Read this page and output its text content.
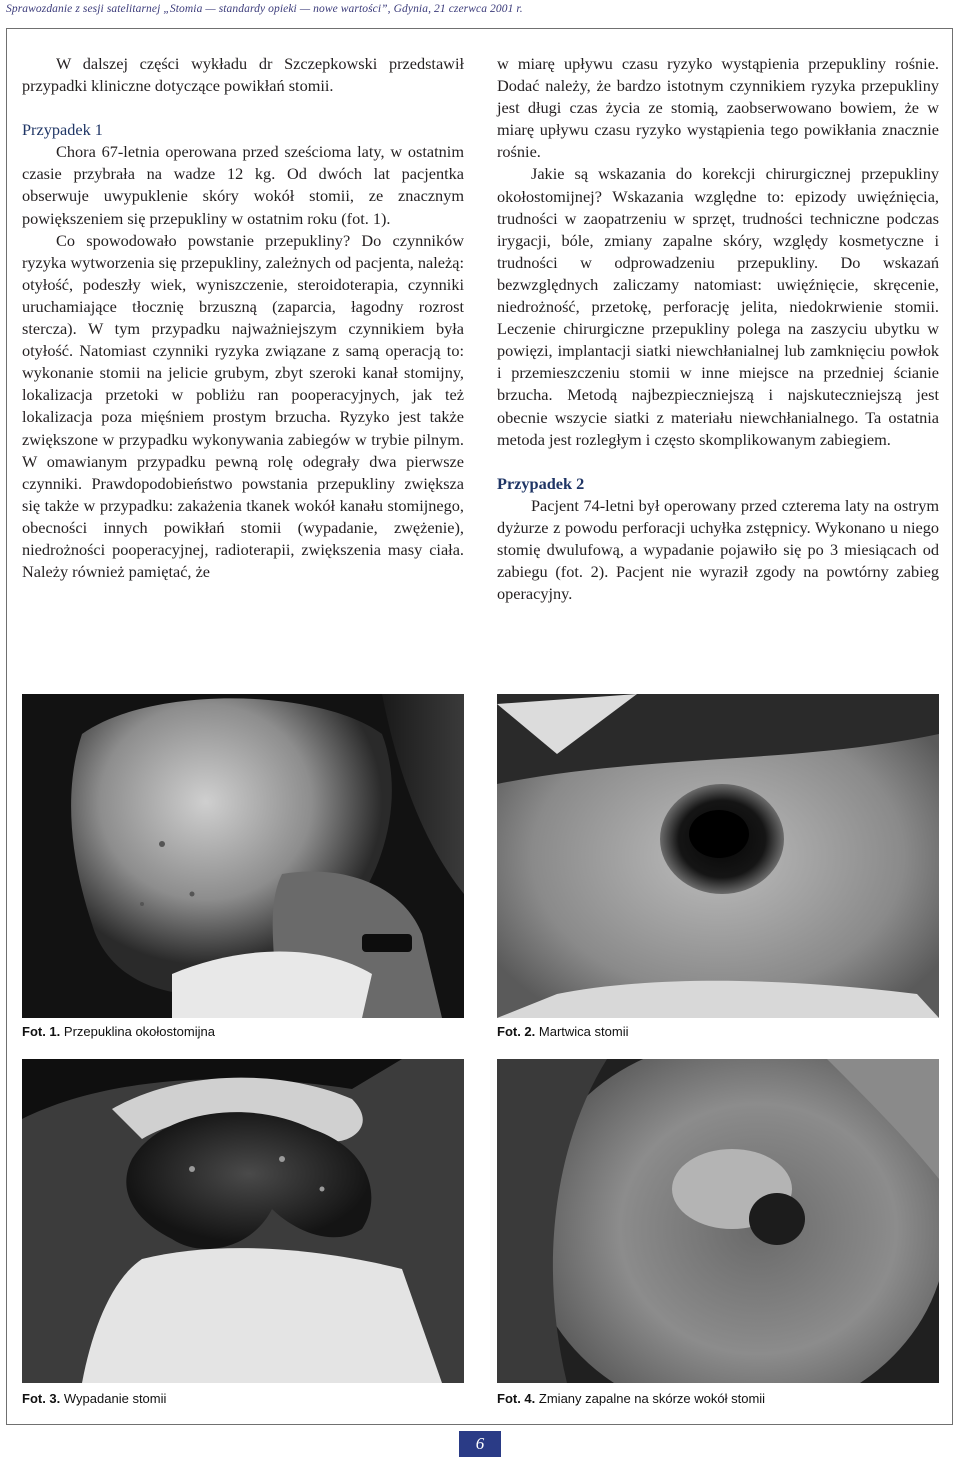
Sprawozdanie z sesji satelitarnej „Stomia — standardy opieki — nowe wartości”, Gdynia, 21 czerwca 2001 r.

W dalszej części wykładu dr Szczepkowski przedstawił przypadki kliniczne dotyczące powikłań stomii.

Przypadek 1

Chora 67-letnia operowana przed sześcioma laty, w ostatnim czasie przybrała na wadze 12 kg. Od dwóch lat pacjentka obserwuje uwypuklenie skóry wokół stomii, ze znacznym powiększeniem się przepukliny w ostatnim roku (fot. 1).

Co spowodowało powstanie przepukliny? Do czynników ryzyka wytworzenia się przepukliny, zależnych od pacjenta, należą: otyłość, podeszły wiek, wyniszczenie, steroidoterapia, czynniki uruchamiające tłocznię brzuszną (zaparcia, łagodny rozrost stercza). W tym przypadku najważniejszym czynnikiem była otyłość. Natomiast czynniki ryzyka związane z samą operacją to: wykonanie stomii na jelicie grubym, zbyt szeroki kanał stomijny, lokalizacja przetoki w pobliżu ran pooperacyjnych, jak też lokalizacja poza mięśniem prostym brzucha. Ryzyko jest także zwiększone w przypadku wykonywania zabiegów w trybie pilnym. W omawianym przypadku pewną rolę odegrały dwa pierwsze czynniki. Prawdopodobieństwo powstania przepukliny zwiększa się także w przypadku: zakażenia tkanek wokół kanału stomijnego, obecności innych powikłań stomii (wypadanie, zwężenie), niedrożności pooperacyjnej, radioterapii, zwiększenia masy ciała. Należy również pamiętać, że

w miarę upływu czasu ryzyko wystąpienia przepukliny rośnie. Dodać należy, że bardzo istotnym czynnikiem ryzyka przepukliny jest długi czas życia ze stomią, zaobserwowano bowiem, że w miarę upływu czasu ryzyko wystąpienia tego powikłania znacznie rośnie.

Jakie są wskazania do korekcji chirurgicznej przepukliny okołostomijnej? Wskazania względne to: epizody uwięźnięcia, trudności w zaopatrzeniu w sprzęt, trudności techniczne podczas irygacji, bóle, zmiany zapalne skóry, względy kosmetyczne i trudności w odprowadzeniu przepukliny. Do wskazań bezwzględnych zaliczamy natomiast: uwięźnięcie, skręcenie, niedrożność, przetokę, perforację jelita, niedokrwienie stomii. Leczenie chirurgiczne przepukliny polega na zaszyciu ubytku w powięzi, implantacji siatki niewchłanialnej lub zamknięciu powłok i przemieszczeniu stomii w inne miejsce na przedniej ścianie brzucha. Metodą najbezpieczniejszą i najskuteczniejszą jest obecnie wszycie siatki z materiału niewchłanialnego. Ta ostatnia metoda jest rozległym i często skomplikowanym zabiegiem.

Przypadek 2

Pacjent 74-letni był operowany przed czterema laty na ostrym dyżurze z powodu perforacji uchyłka zstępnicy. Wykonano u niego stomię dwulufową, a wypadanie pojawiło się po 3 miesiącach od zabiegu (fot. 2). Pacjent nie wyraził zgody na powtórny zabieg operacyjny.

Fot. 1. Przepuklina okołostomijna	Fot. 2. Martwica stomii
Fot. 3. Wypadanie stomii	Fot. 4. Zmiany zapalne na skórze wokół stomii
6
